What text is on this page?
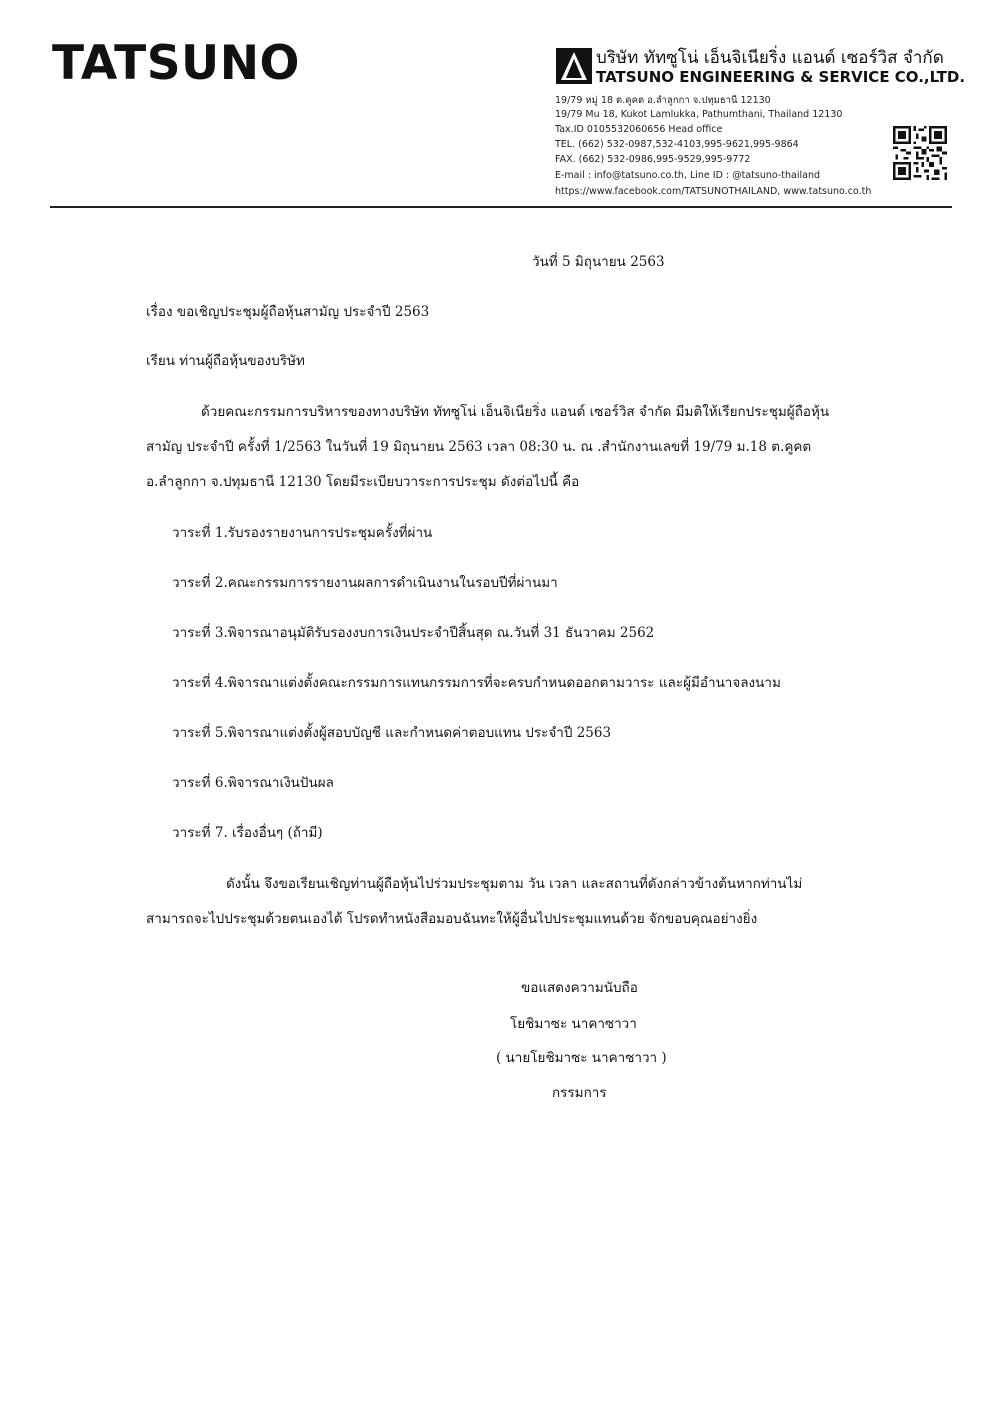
TATSUNO	บริษัท ทัทซูโน่ เอ็นจิเนียริ่ง แอนด์ เซอร์วิส จำกัด
TATSUNO ENGINEERING & SERVICE CO.,LTD.
19/79 หมู่ 18 ต.คูคต อ.ลำลูกกา จ.ปทุมธานี 12130
19/79 Mu 18, Kukot Lamlukka, Pathumthani, Thailand 12130
Tax.ID 0105532060656 Head office
TEL. (662) 532-0987,532-4103,995-9621,995-9864
FAX. (662) 532-0986,995-9529,995-9772
E-mail : info@tatsuno.co.th, Line ID : @tatsuno-thailand
https://www.facebook.com/TATSUNOTHAILAND, www.tatsuno.co.th
วันที่ 5 มิถุนายน 2563
เรื่อง ขอเชิญประชุมผู้ถือหุ้นสามัญ ประจำปี 2563
เรียน ท่านผู้ถือหุ้นของบริษัท
ด้วยคณะกรรมการบริหารของทางบริษัท ทัทซูโน่ เอ็นจิเนียริ่ง แอนด์ เซอร์วิส จำกัด มีมติให้เรียกประชุมผู้ถือหุ้น
สามัญ ประจำปี ครั้งที่ 1/2563 ในวันที่ 19 มิถุนายน 2563 เวลา 08:30 น. ณ .สำนักงานเลขที่ 19/79 ม.18 ต.คูคต
อ.ลำลูกกา จ.ปทุมธานี 12130 โดยมีระเบียบวาระการประชุม ดังต่อไปนี้ คือ
วาระที่ 1.รับรองรายงานการประชุมครั้งที่ผ่าน
วาระที่ 2.คณะกรรมการรายงานผลการดำเนินงานในรอบปีที่ผ่านมา
วาระที่ 3.พิจารณาอนุมัติรับรองงบการเงินประจำปีสิ้นสุด ณ.วันที่ 31 ธันวาคม 2562
วาระที่ 4.พิจารณาแต่งตั้งคณะกรรมการแทนกรรมการที่จะครบกำหนดออกตามวาระ และผู้มีอำนาจลงนาม
วาระที่ 5.พิจารณาแต่งตั้งผู้สอบบัญชี และกำหนดค่าตอบแทน ประจำปี 2563
วาระที่ 6.พิจารณาเงินปันผล
วาระที่ 7. เรื่องอื่นๆ (ถ้ามี)
ดังนั้น จึงขอเรียนเชิญท่านผู้ถือหุ้นไปร่วมประชุมตาม วัน เวลา และสถานที่ดังกล่าวข้างต้นหากท่านไม่
สามารถจะไปประชุมด้วยตนเองได้ โปรดทำหนังสือมอบฉันทะให้ผู้อื่นไปประชุมแทนด้วย จักขอบคุณอย่างยิ่ง
ขอแสดงความนับถือ
โยชิมาซะ นาคาซาวา
( นายโยชิมาซะ นาคาซาวา )
กรรมการ
